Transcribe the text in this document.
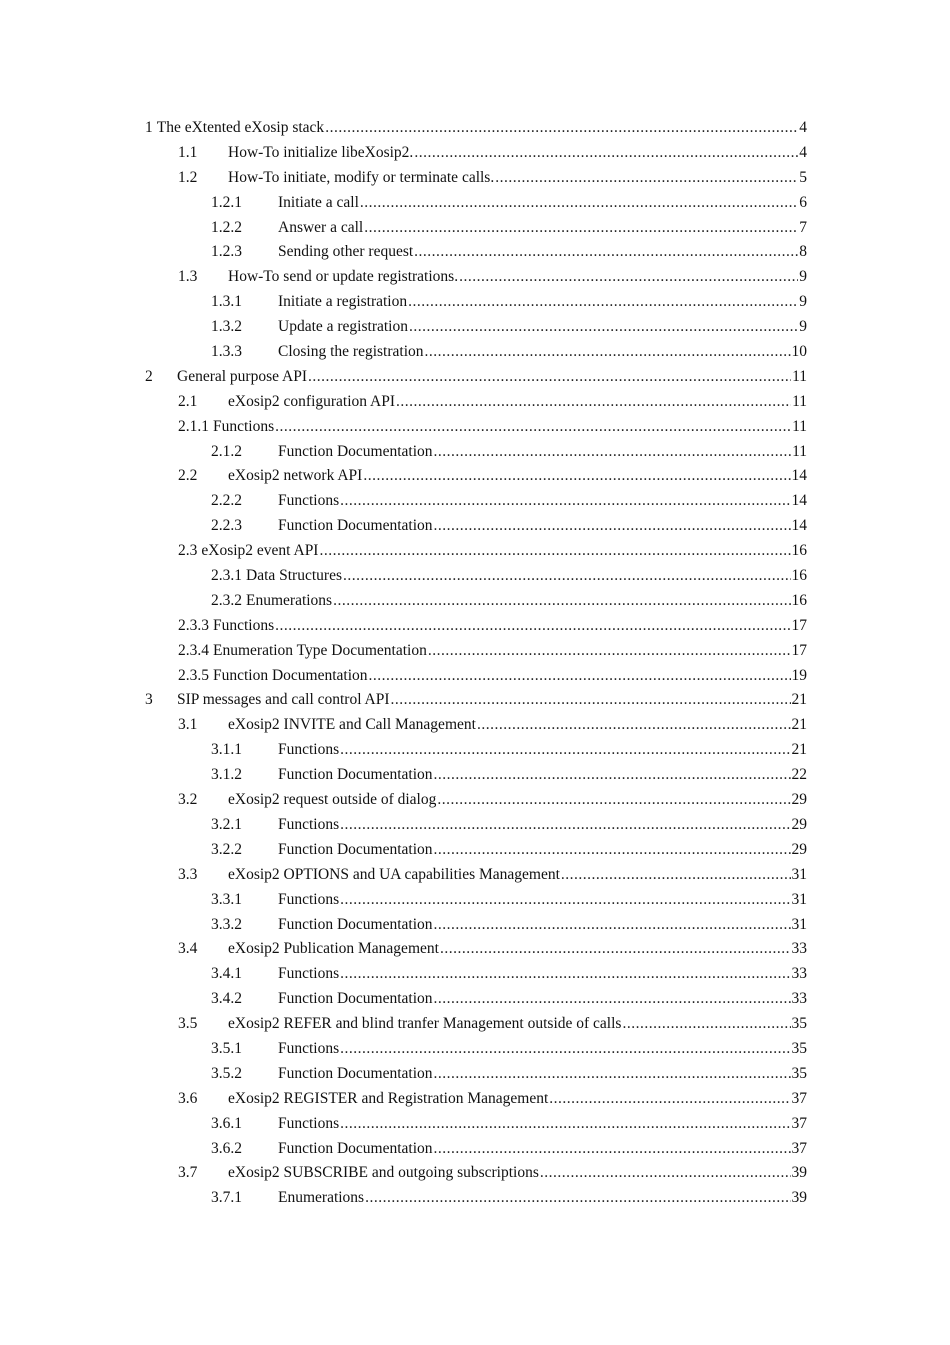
1 The eXtented eXosip stack .....	4
1.1	How-To initialize libeXosip2. .....	4
1.2	How-To initiate, modify or terminate calls. .....	5
1.2.1	Initiate a call .....	6
1.2.2	Answer a call .....	7
1.2.3	Sending other request .....	8
1.3	How-To send or update registrations. .....	9
1.3.1	Initiate a registration .....	9
1.3.2	Update a registration .....	9
1.3.3	Closing the registration .....	10
2	General purpose API .....	11
2.1	eXosip2 configuration API .....	11
2.1.1 Functions .....	11
2.1.2	Function Documentation .....	11
2.2	eXosip2 network API .....	14
2.2.2	Functions .....	14
2.2.3	Function Documentation .....	14
2.3 eXosip2 event API .....	16
2.3.1 Data Structures .....	16
2.3.2 Enumerations .....	16
2.3.3 Functions .....	17
2.3.4 Enumeration Type Documentation .....	17
2.3.5 Function Documentation .....	19
3	SIP messages and call control API .....	21
3.1	eXosip2 INVITE and Call Management .....	21
3.1.1	Functions .....	21
3.1.2	Function Documentation .....	22
3.2	eXosip2 request outside of dialog .....	29
3.2.1	Functions .....	29
3.2.2	Function Documentation .....	29
3.3	eXosip2 OPTIONS and UA capabilities Management .....	31
3.3.1	Functions .....	31
3.3.2	Function Documentation .....	31
3.4	eXosip2 Publication Management .....	33
3.4.1	Functions .....	33
3.4.2	Function Documentation .....	33
3.5	eXosip2 REFER and blind tranfer Management outside of calls .....	35
3.5.1	Functions .....	35
3.5.2	Function Documentation .....	35
3.6	eXosip2 REGISTER and Registration Management .....	37
3.6.1	Functions .....	37
3.6.2	Function Documentation .....	37
3.7	eXosip2 SUBSCRIBE and outgoing subscriptions .....	39
3.7.1	Enumerations .....	39
